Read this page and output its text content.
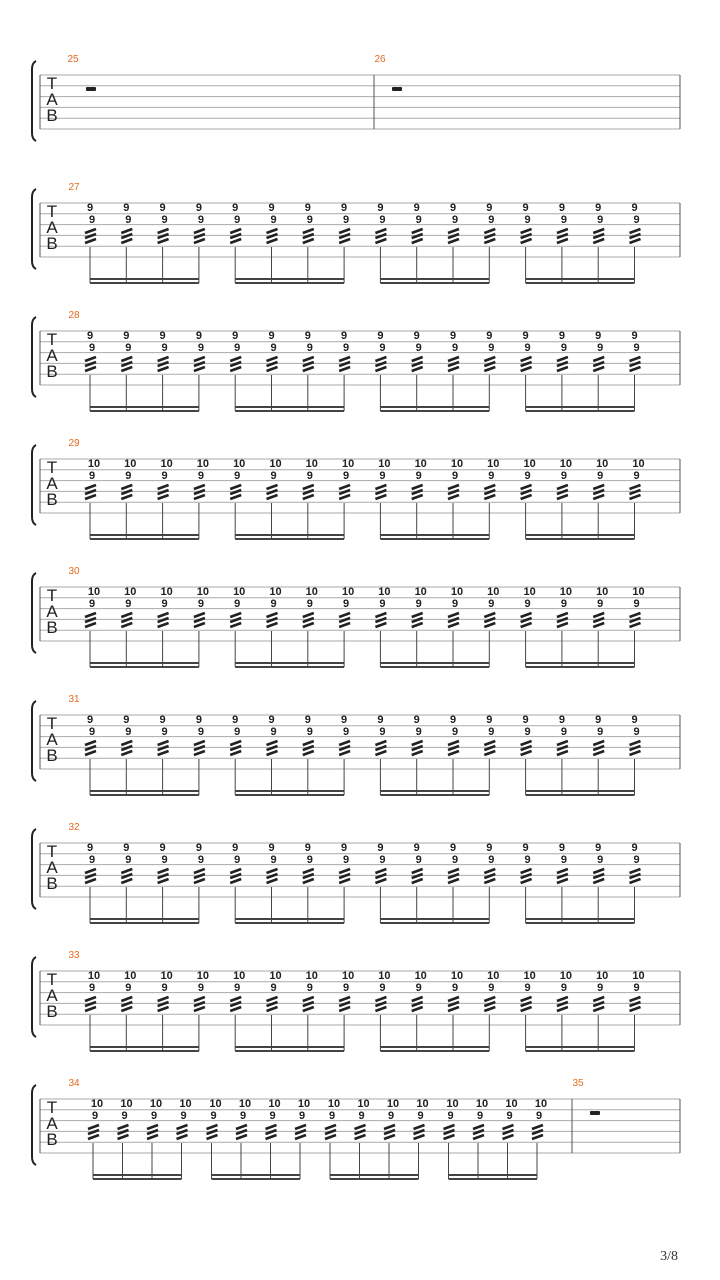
T
A
B
25	26
T
A
B
27
9
9
9
9
9
9
9
9
9
9
9
9
9
9
9
9
9
9
9
9
9
9
9
9
9
9
9
9
9
9
9
9
T
A
B
28
9
9
9
9
9
9
9
9
9
9
9
9
9
9
9
9
9
9
9
9
9
9
9
9
9
9
9
9
9
9
9
9
T
A
B
29
10
9
10
9
10
9
10
9
10
9
10
9
10
9
10
9
10
9
10
9
10
9
10
9
10
9
10
9
10
9
10
9
T
A
B
30
10
9
10
9
10
9
10
9
10
9
10
9
10
9
10
9
10
9
10
9
10
9
10
9
10
9
10
9
10
9
10
9
T
A
B
31
9
9
9
9
9
9
9
9
9
9
9
9
9
9
9
9
9
9
9
9
9
9
9
9
9
9
9
9
9
9
9
9
T
A
B
32
9
9
9
9
9
9
9
9
9
9
9
9
9
9
9
9
9
9
9
9
9
9
9
9
9
9
9
9
9
9
9
9
T
A
B
33
10
9
10
9
10
9
10
9
10
9
10
9
10
9
10
9
10
9
10
9
10
9
10
9
10
9
10
9
10
9
10
9
T
A
B
34
10
9
10
9
10
9
10
9
10
9
10
9
10
9
10
9
10
9
10
9
10
9
10
9
10
9
10
9
10
9
10
9
35
3/8
